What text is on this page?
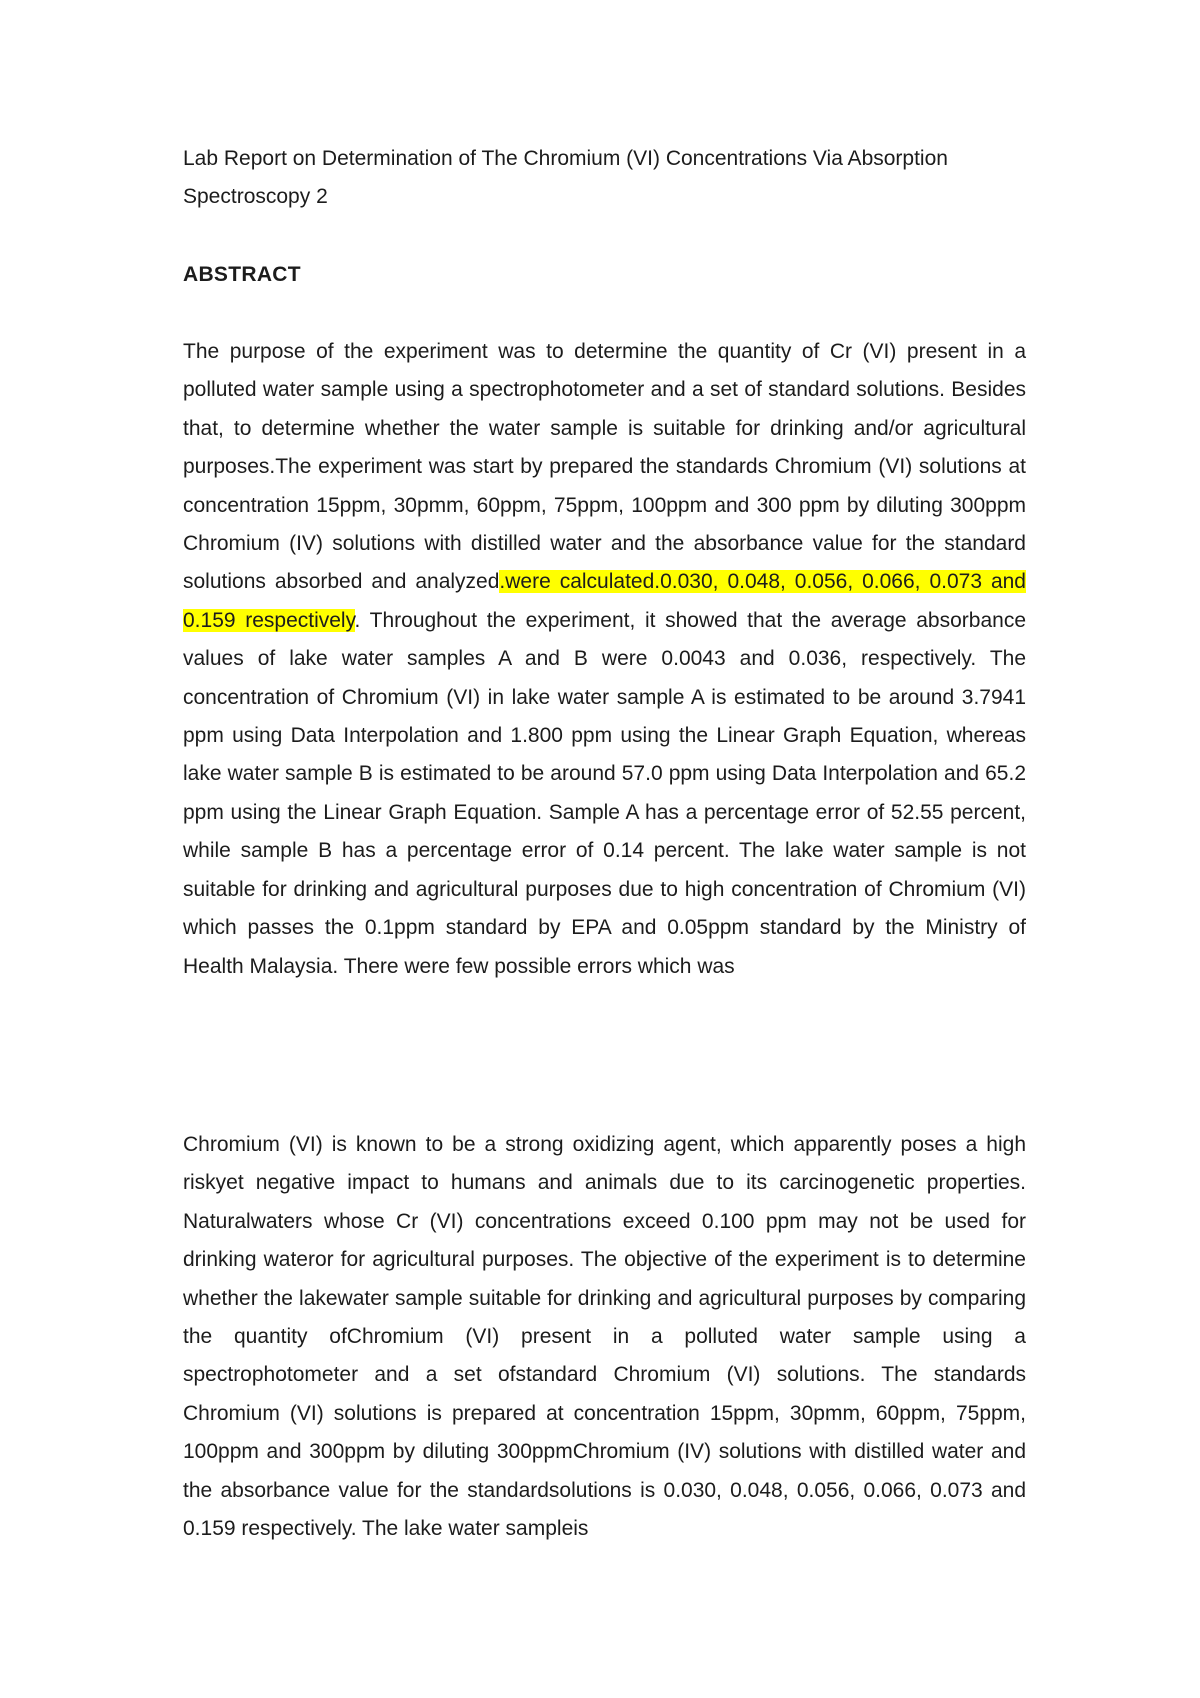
Lab Report on Determination of The Chromium (VI) Concentrations Via Absorption Spectroscopy 2

ABSTRACT

The purpose of the experiment was to determine the quantity of Cr (VI) present in a polluted water sample using a spectrophotometer and a set of standard solutions. Besides that, to determine whether the water sample is suitable for drinking and/or agricultural purposes.The experiment was start by prepared the standards Chromium (VI) solutions at concentration 15ppm, 30pmm, 60ppm, 75ppm, 100ppm and 300 ppm by diluting 300ppm Chromium (IV) solutions with distilled water and the absorbance value for the standard solutions absorbed and analyzed.were calculated.0.030, 0.048, 0.056, 0.066, 0.073 and 0.159 respectively. Throughout the experiment, it showed that the average absorbance values of lake water samples A and B were 0.0043 and 0.036, respectively. The concentration of Chromium (VI) in lake water sample A is estimated to be around 3.7941 ppm using Data Interpolation and 1.800 ppm using the Linear Graph Equation, whereas lake water sample B is estimated to be around 57.0 ppm using Data Interpolation and 65.2 ppm using the Linear Graph Equation. Sample A has a percentage error of 52.55 percent, while sample B has a percentage error of 0.14 percent. The lake water sample is not suitable for drinking and agricultural purposes due to high concentration of Chromium (VI) which passes the 0.1ppm standard by EPA and 0.05ppm standard by the Ministry of Health Malaysia. There were few possible errors which was

Chromium (VI) is known to be a strong oxidizing agent, which apparently poses a high riskyet negative impact to humans and animals due to its carcinogenetic properties. Naturalwaters whose Cr (VI) concentrations exceed 0.100 ppm may not be used for drinking wateror for agricultural purposes. The objective of the experiment is to determine whether the lakewater sample suitable for drinking and agricultural purposes by comparing the quantity ofChromium (VI) present in a polluted water sample using a spectrophotometer and a set ofstandard Chromium (VI) solutions. The standards Chromium (VI) solutions is prepared at concentration 15ppm, 30pmm, 60ppm, 75ppm, 100ppm and 300ppm by diluting 300ppmChromium (IV) solutions with distilled water and the absorbance value for the standardsolutions is 0.030, 0.048, 0.056, 0.066, 0.073 and 0.159 respectively. The lake water sampleis
